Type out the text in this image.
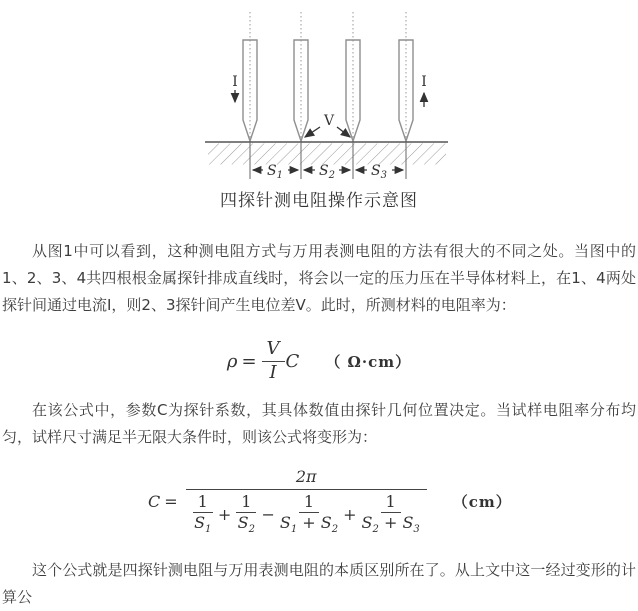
I	I
V
$S_1$	$S_2$	$S_3$
四探针测电阻操作示意图

从图1中可以看到，这种测电阻方式与万用表测电阻的方法有很大的不同之处。当图中的1、2、3、4共四根根金属探针排成直线时，将会以一定的压力压在半导体材料上，在1、4两处探针间通过电流I，则2、3探针间产生电位差V。此时，所测材料的电阻率为：

$\rho = \frac{V}{I}$ C （ Ω·cm）

在该公式中，参数C为探针系数，其具体数值由探针几何位置决定。当试样电阻率分布均匀，试样尺寸满足半无限大条件时，则该公式将变形为：

C =
2π
$\frac{1}{S_1} + \frac{1}{S_2} - \frac{1}{S_1 + S_2} + \frac{1}{S_2 + S_3} (cm)$

这个公式就是四探针测电阻与万用表测电阻的本质区别所在了。从上文中这一经过变形的计算公
